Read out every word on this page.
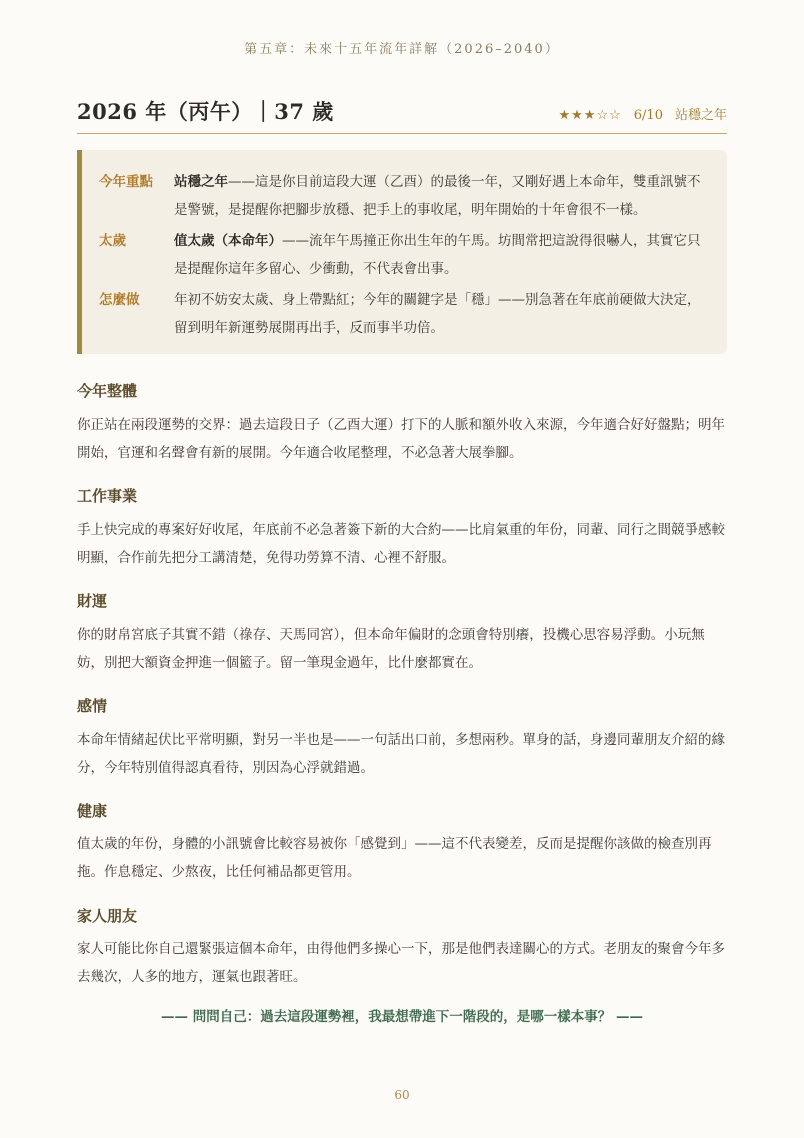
第五章：未來十五年流年詳解（2026–2040）
2026 年（丙午）｜37 歲	★★★☆☆ 6/10 站穩之年
今年重點	站穩之年——這是你目前這段大運（乙酉）的最後一年，又剛好遇上本命年，雙重訊號不是警號，是提醒你把腳步放穩、把手上的事收尾，明年開始的十年會很不一樣。
太歲	值太歲（本命年）——流年午馬撞正你出生年的午馬。坊間常把這說得很嚇人，其實它只是提醒你這年多留心、少衝動，不代表會出事。
怎麼做	年初不妨安太歲、身上帶點紅；今年的關鍵字是「穩」——別急著在年底前硬做大決定，留到明年新運勢展開再出手，反而事半功倍。
今年整體
你正站在兩段運勢的交界：過去這段日子（乙酉大運）打下的人脈和額外收入來源，今年適合好好盤點；明年開始，官運和名聲會有新的展開。今年適合收尾整理，不必急著大展拳腳。
工作事業
手上快完成的專案好好收尾，年底前不必急著簽下新的大合約——比肩氣重的年份，同輩、同行之間競爭感較明顯，合作前先把分工講清楚，免得功勞算不清、心裡不舒服。
財運
你的財帛宮底子其實不錯（祿存、天馬同宮），但本命年偏財的念頭會特別癢，投機心思容易浮動。小玩無妨，別把大額資金押進一個籃子。留一筆現金過年，比什麼都實在。
感情
本命年情緒起伏比平常明顯，對另一半也是——一句話出口前，多想兩秒。單身的話，身邊同輩朋友介紹的緣分，今年特別值得認真看待，別因為心浮就錯過。
健康
值太歲的年份，身體的小訊號會比較容易被你「感覺到」——這不代表變差，反而是提醒你該做的檢查別再拖。作息穩定、少熬夜，比任何補品都更管用。
家人朋友
家人可能比你自己還緊張這個本命年，由得他們多操心一下，那是他們表達關心的方式。老朋友的聚會今年多去幾次，人多的地方，運氣也跟著旺。
—— 問問自己：過去這段運勢裡，我最想帶進下一階段的，是哪一樣本事？ ——
60
